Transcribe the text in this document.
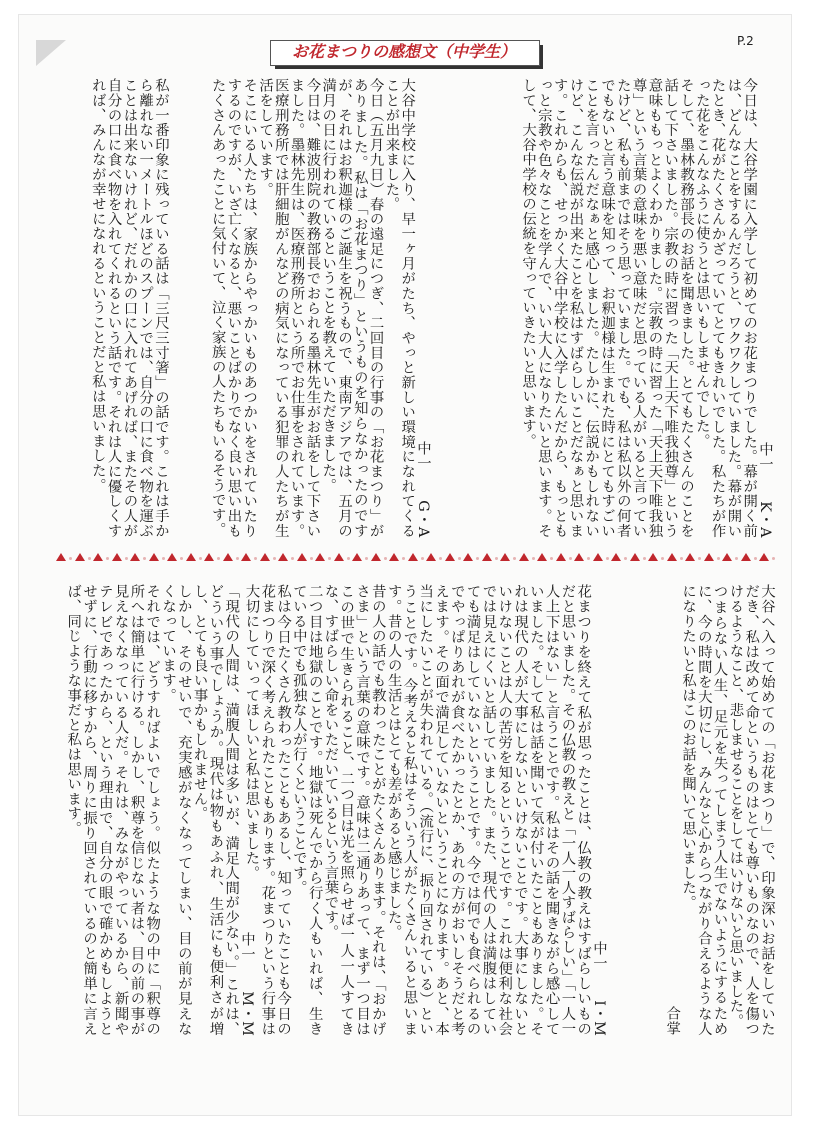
P.2
お花まつりの感想文（中学生）

中一　　K・A

今日は、大谷学園に入学して初めてのお花まつりでした。幕が開く前は、どんなことをするんだろうと、ワクワクしていました。幕が開いたとき、花がたくさんかざっていてとてもきれいでした。私たちが作った花をこんなふうに使うとは思いもしませんでした。

そして、墨林教務部長のお話を聞きました。とてもたくさんのことを話して下さいました。宗教の時に習った「天上天下唯我独尊」という意味ももっとよくわかりました。宗教の時に習った「天上天下唯我独尊」という言葉の意味を悪い意味だと思っている人がいると言っていたけど、私も前まではそう思っていました。でも、私は私以外の何者でもないと言う意味を知って、お釈迦様は生まれた時にとてもすごいことを言ったんだなぁと感心しました。たしかに、伝説かもしれないけど、こんな伝説が出来たことを私はすばらしいことだなぁと思います。これからも、せっかく大谷中学校に入学したんだから、もっともっと宗教や色々なことを学んで、いい大人になりたいと思います。そして、大谷中学校の伝統を守っていきたいと思います。

中一　　G・A

大谷中学校に入り、早一ヶ月がたち、やっと新しい環境になれてくることが出来ました。

今日（五月九日）春の遠足につぎ、二回目の行事の「お花まつり」がありました。私は「お花まつり」というものを知らなかったのですが、それはお釈迦様のご誕生を祝うもので、東南アジアでは、五月の満月の日に行われているということを教えていただきました。

今日は、難波別院の教務部長でおられる墨林先生がお話をして下さいました。墨林先生は、医療刑務所という所でお仕事をされています。医療刑務所では肝細胞がんなどの病気になっている犯罪の人たちが生活をしています。

そこにいる人たちは、家族からやっかいものあつかいをされていたりするのですが、いざ亡くなると、悪いことばかりでなく良い思い出もたくさんあったことに気付いて、泣く家族の人たちもいるそうです。

私が一番印象に残っている話は「三尺三寸箸」の話です。これは手から離れない一メートルほどのスプーンでは、自分の口に食べ物を運ぶことは出来ないけれど、だれかの口に入れてあげれば、またその人が自分の口に食べ物を入れてくれるという話です。それは人に優しくすれば、みんなが幸せになれるということだと私は思いました。

大谷へ入って始めての「お花まつり」で、印象深いお話をしていただき、私は改めて命というものはとても尊いものなので、人を傷つけるようなこと、悲しませることをしてはいけないと思いました。

つまらない人生、足元を失ってしまう人生でないようにするために、今の時間を大切にし、みんなと心からつながり合えるような人になりたいと私はこのお話を聞いて思いました。

合掌

中一　　I・M

花まつりを終えて私が思ったことは、仏教の教えはすばらしいものだと思いました。その仏教の教えと「一人一人すばらしい」「一人一人上下はない」と言うことです。私はその話を聞きながら感心していました。そして私は話を聞いて気が付いたこともありました。それは現代の人が大事にしないといけないことです。大事にしないといけないことは人の苦労を知るということです。これは便利な社会では見えにくいと話していました。また、現代の人は満腹はしていても満足はしていないということです。今では何でも食べられるのでやっぱりあれが食べたかったとか、あれの方がおいしそうだと考えます。その面で満足していないということになります。あと、本当にしたいことが失われている。（流行に、振り回されている）ということです。今考えると私はそういう人がたくさんいると思います。昔の人の生活とはとても差があると感じました。

昔の人の話でも教わったことがたくさんあります。それは、「おかげさま」という言葉の意味です。意味は二通りあって、まず一つ目はこの世で生きられること、二つ目は光を照らせば一人一人すてきな、すばらしい命をいただいているという言葉です。

二つ目は地獄のことです。地獄は死んでから行く人もいれば、生きている中でも孤独な人が行くということです。

私は今日たくさん教わったこともあるし、知っていたことも今日の花まつりで深く考えられたこともあります。花まつりという行事は大切にしていってほしいと私は思いました。

中一　　M・M

「現代の人間は、満腹人間は多いが、満足人間が少ない。」これは、どういう事でしょうか。現代は物もあふれ、生活にも便利さが増し、とても良い事かもしれません。

しかし、そのせいで、充実感がなくなってしまい、目の前が見えなくなっています。

それでは、どうすればよいでしょう。似たような物の中に「釈尊の所へは簡単に行ける。しかし、釈尊を信じない者は、目の前の事が見えなくなっている人だ。それは、みながやっているから、新聞やテレビであったから、という理由で、自分の眼で確かめもしようとせずに、行動に移すから、周りに振り回されているのと簡単に言えば、同じような事だと私は思います。
